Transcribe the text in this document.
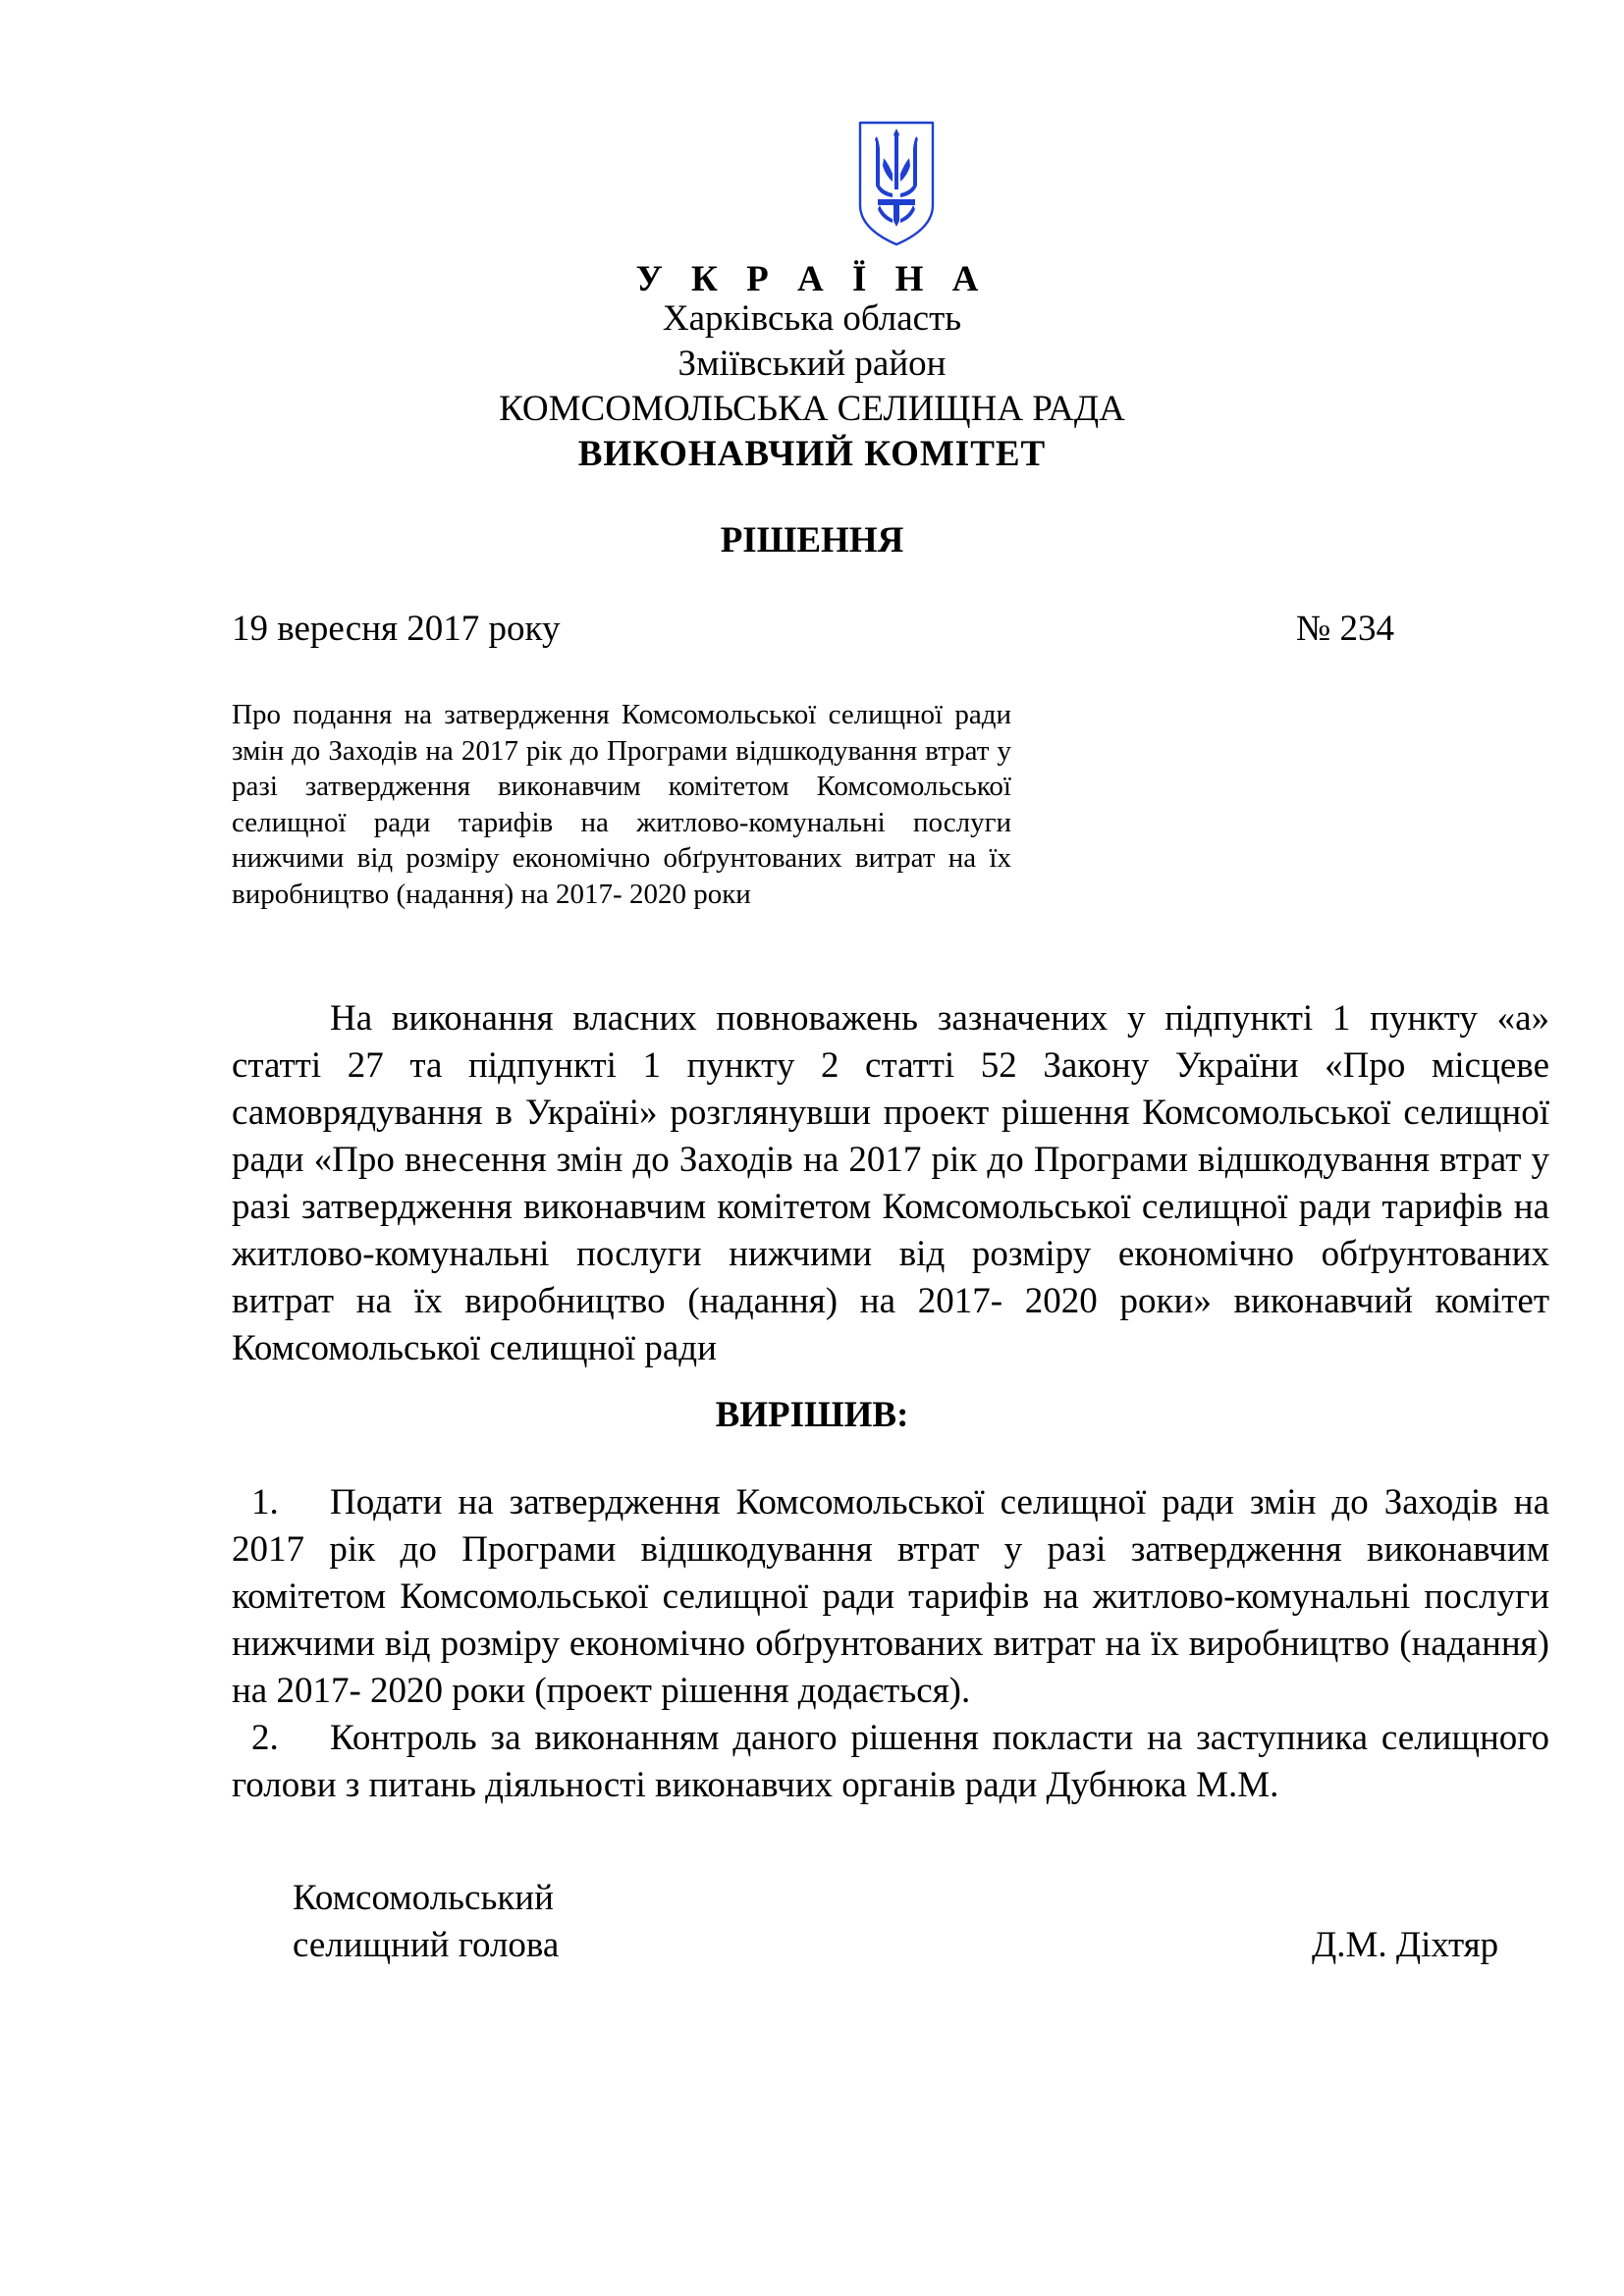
У К Р А Ї Н А
Харківська область
Зміївський район
КОМСОМОЛЬСЬКА СЕЛИЩНА РАДА
ВИКОНАВЧИЙ КОМІТЕТ
РІШЕННЯ
19 вересня 2017 року	№ 234
Про подання на затвердження Комсомольської селищної ради змін до Заходів на 2017 рік до Програми відшкодування втрат у разі затвердження виконавчим комітетом Комсомольської селищної ради тарифів на житлово-комунальні послуги нижчими від розміру економічно обґрунтованих витрат на їх виробництво (надання) на 2017- 2020 роки
На виконання власних повноважень зазначених у підпункті 1 пункту «а» статті 27 та підпункті 1 пункту 2 статті 52 Закону України «Про місцеве самоврядування в Україні» розглянувши проект рішення Комсомольської селищної ради «Про внесення змін до Заходів на 2017 рік до Програми відшкодування втрат у разі затвердження виконавчим комітетом Комсомольської селищної ради тарифів на житлово-комунальні послуги нижчими від розміру економічно обґрунтованих витрат на їх виробництво (надання) на 2017- 2020 роки» виконавчий комітет Комсомольської селищної ради
ВИРІШИВ:
1. Подати на затвердження Комсомольської селищної ради змін до Заходів на 2017 рік до Програми відшкодування втрат у разі затвердження виконавчим комітетом Комсомольської селищної ради тарифів на житлово-комунальні послуги нижчими від розміру економічно обґрунтованих витрат на їх виробництво (надання) на 2017- 2020 роки (проект рішення додається).
2. Контроль за виконанням даного рішення покласти на заступника селищного голови з питань діяльності виконавчих органів ради Дубнюка М.М.
Комсомольський
селищний голова	Д.М. Діхтяр
